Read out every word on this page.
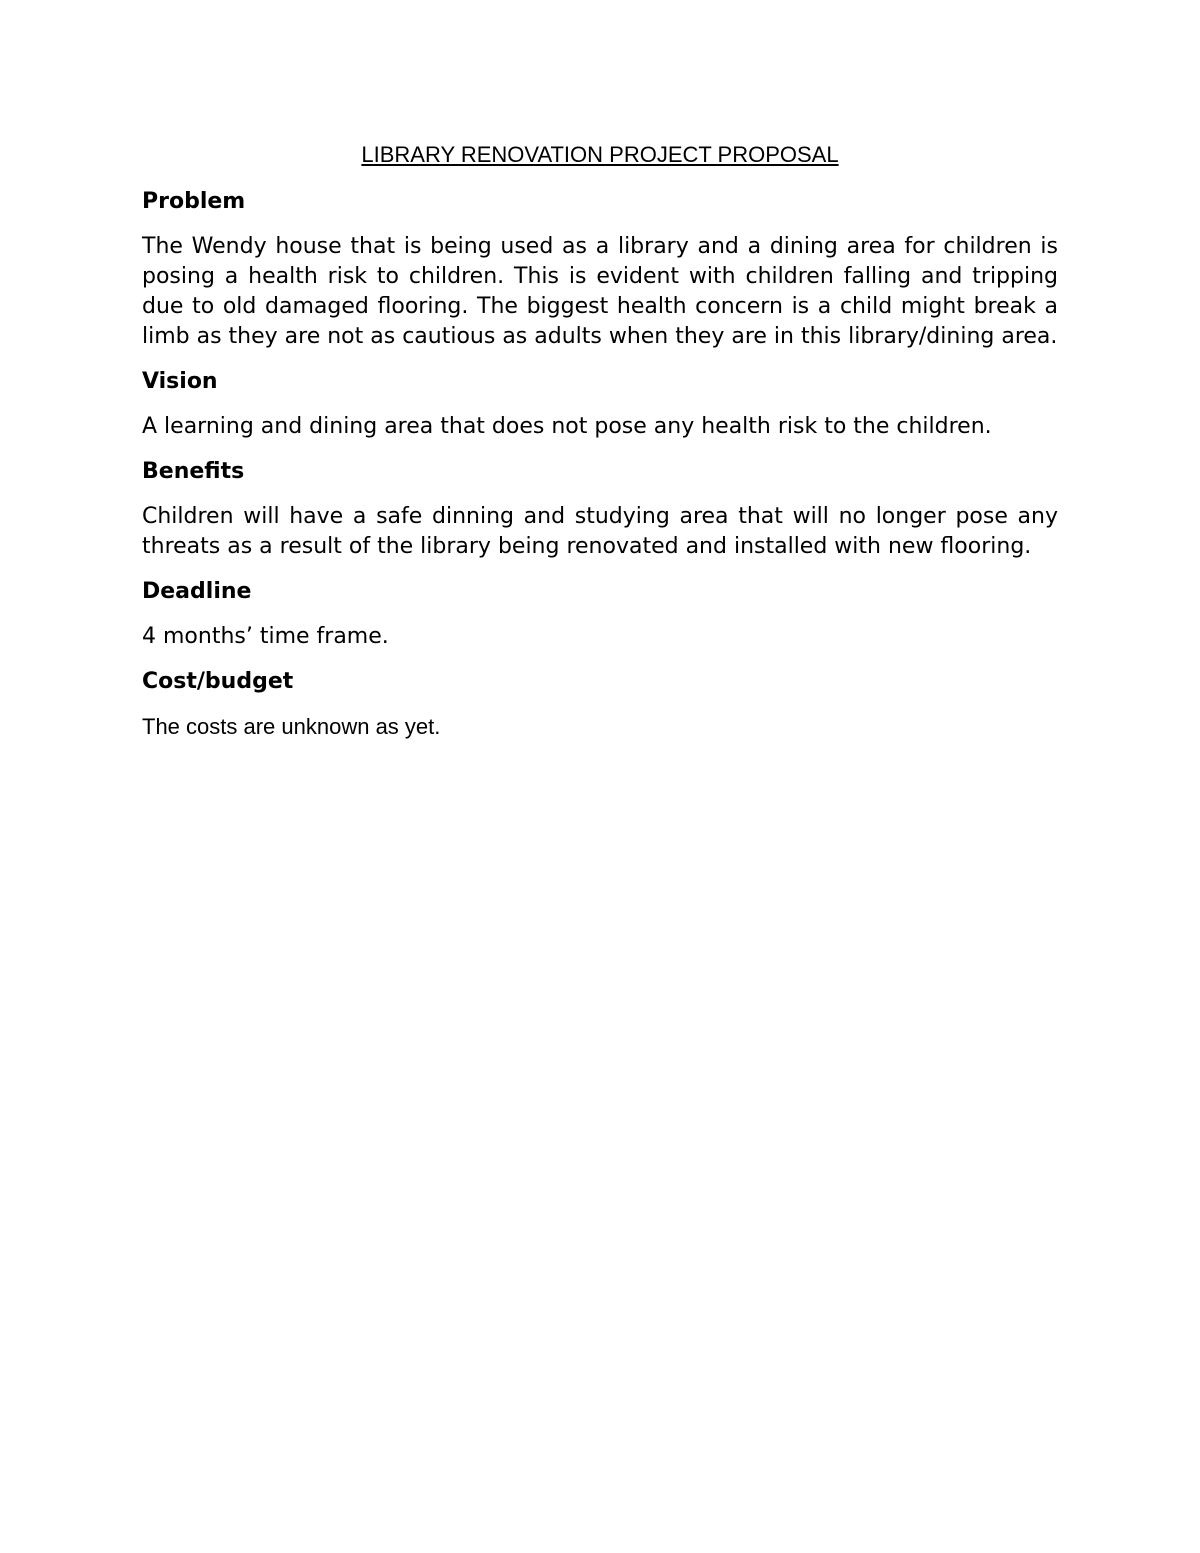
LIBRARY RENOVATION PROJECT PROPOSAL

Problem

The Wendy house that is being used as a library and a dining area for children is posing a health risk to children. This is evident with children falling and tripping due to old damaged flooring. The biggest health concern is a child might break a limb as they are not as cautious as adults when they are in this library/dining area.

Vision

A learning and dining area that does not pose any health risk to the children.

Benefits

Children will have a safe dinning and studying area that will no longer pose any threats as a result of the library being renovated and installed with new flooring.

Deadline

4 months’ time frame.

Cost/budget

The costs are unknown as yet.
